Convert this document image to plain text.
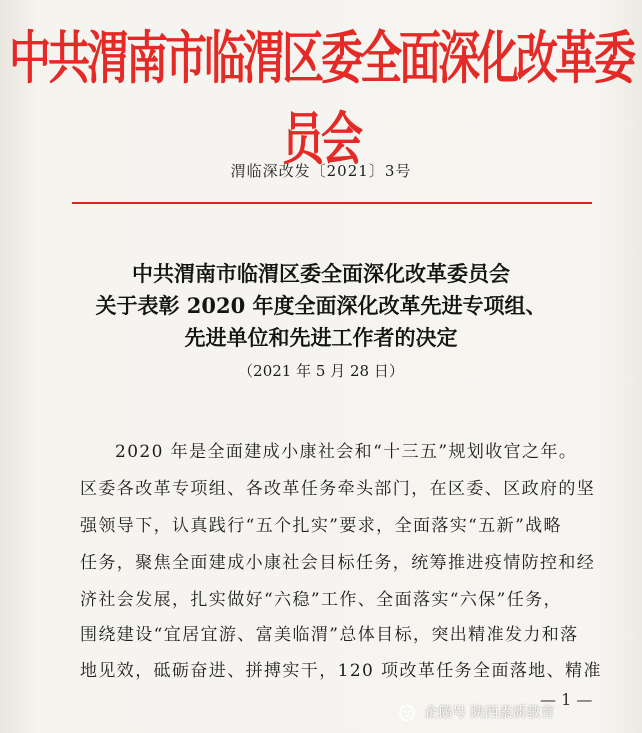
中共渭南市临渭区委全面深化改革委员会
渭临深改发〔2021〕3号
中共渭南市临渭区委全面深化改革委员会
关于表彰 2020 年度全面深化改革先进专项组、
先进单位和先进工作者的决定
（2021 年 5 月 28 日）
2020 年是全面建成小康社会和“十三五”规划收官之年。
区委各改革专项组、各改革任务牵头部门，在区委、区政府的坚
强领导下，认真践行“五个扎实”要求，全面落实“五新”战略
任务，聚焦全面建成小康社会目标任务，统筹推进疫情防控和经
济社会发展，扎实做好“六稳”工作、全面落实“六保”任务，
围绕建设“宜居宜游、富美临渭”总体目标，突出精准发力和落
地见效，砥砺奋进、拼搏实干，120 项改革任务全面落地、精准
— 1 —
企鹅号 陕西素质教育
